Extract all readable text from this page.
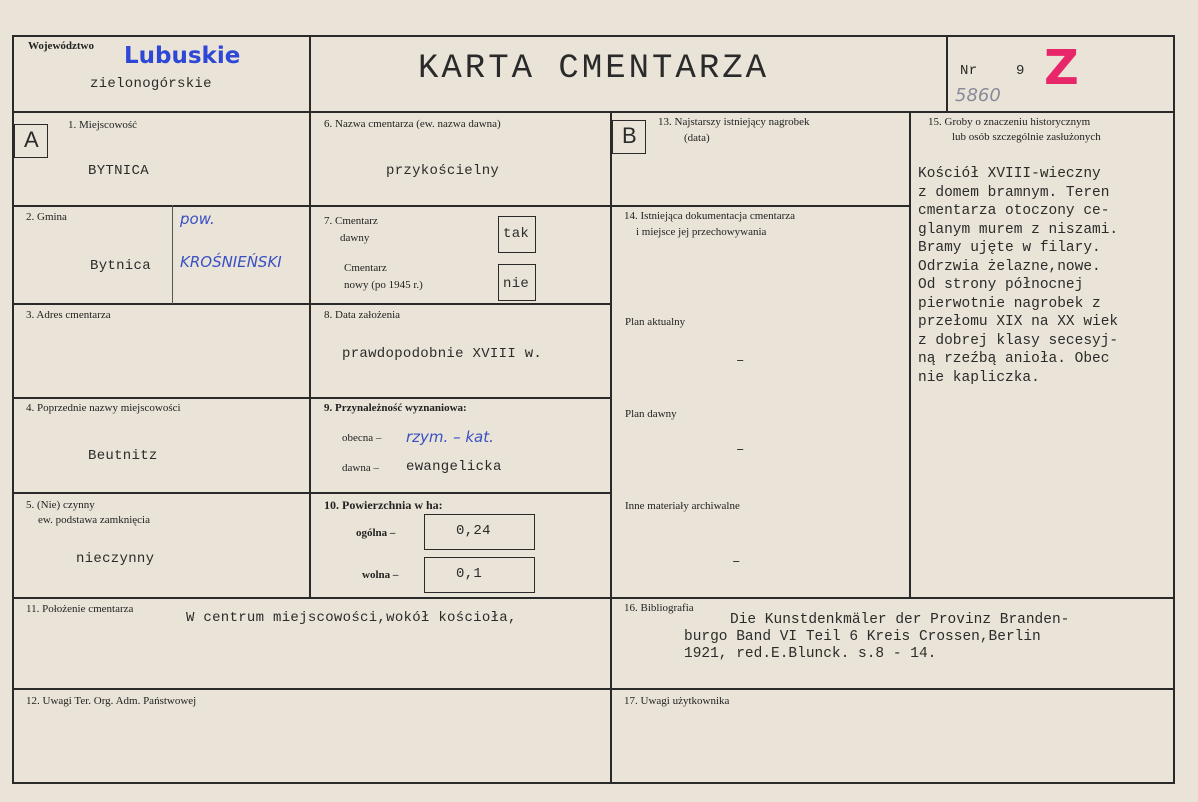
Województwo Lubuskie
zielonogórskie	KARTA CMENTARZA	Nr	9 Z
5860
A	B
1. Miejscowość
BYTNICA
2. Gmina
Bytnica
pow.
KROŚNIEŃSKI
3. Adres cmentarza
4. Poprzednie nazwy miejscowości
Beutnitz
5. (Nie) czynny
ew. podstawa zamknięcia
nieczynny
6. Nazwa cmentarza (ew. nazwa dawna)
przykościelny
7. Cmentarz
dawny
Cmentarz
nowy (po 1945 r.)
tak
nie
8. Data założenia
prawdopodobnie XVIII w.
9. Przynależność wyznaniowa:
obecna – rzym. – kat.
dawna – ewangelicka
10. Powierzchnia w ha:
ogólna –	0,24
wolna –	0,1
13. Najstarszy istniejący nagrobek
(data)
14. Istniejąca dokumentacja cmentarza
i miejsce jej przechowywania
Plan aktualny
–
Plan dawny
–
Inne materiały archiwalne
–
15. Groby o znaczeniu historycznym
lub osób szczególnie zasłużonych
Kościół XVIII-wieczny
z domem bramnym. Teren
cmentarza otoczony ce-
glanym murem z niszami.
Bramy ujęte w filary.
Odrzwia żelazne,nowe.
Od strony północnej
pierwotnie nagrobek z
przełomu XIX na XX wiek
z dobrej klasy secesyj-
ną rzeźbą anioła. Obec
nie kapliczka.
11. Położenie cmentarza
W centrum miejscowości,wokół kościoła,
12. Uwagi Ter. Org. Adm. Państwowej
16. Bibliografia
Die Kunstdenkmäler der Provinz Branden-
burgo Band VI Teil 6 Kreis Crossen,Berlin
1921, red.E.Blunck. s.8 - 14.
17. Uwagi użytkownika
